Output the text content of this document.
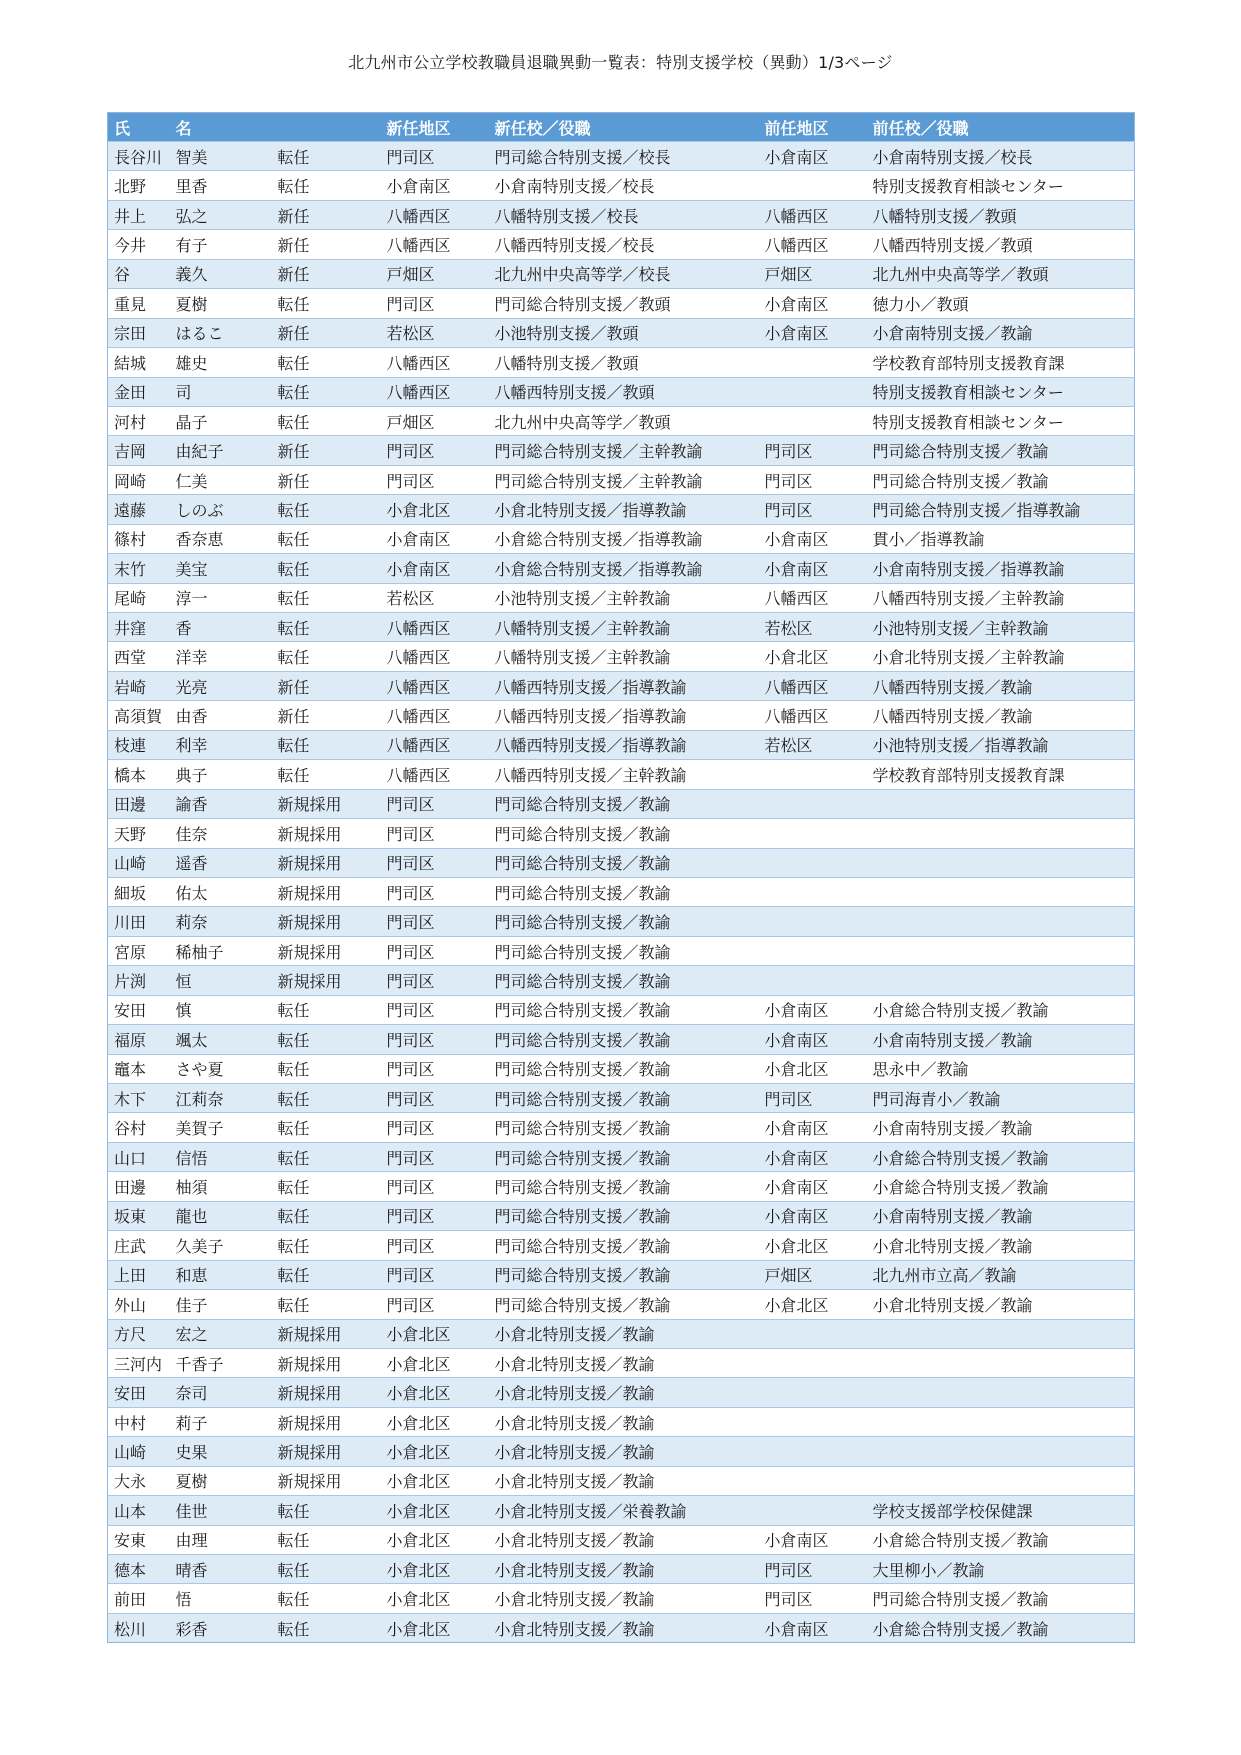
北九州市公立学校教職員退職異動一覧表：特別支援学校（異動）1/3ページ
氏	名		新任地区	新任校／役職	前任地区	前任校／役職
長谷川	智美	転任	門司区	門司総合特別支援／校長	小倉南区	小倉南特別支援／校長
北野	里香	転任	小倉南区	小倉南特別支援／校長		特別支援教育相談センター
井上	弘之	新任	八幡西区	八幡特別支援／校長	八幡西区	八幡特別支援／教頭
今井	有子	新任	八幡西区	八幡西特別支援／校長	八幡西区	八幡西特別支援／教頭
谷	義久	新任	戸畑区	北九州中央高等学／校長	戸畑区	北九州中央高等学／教頭
重見	夏樹	転任	門司区	門司総合特別支援／教頭	小倉南区	徳力小／教頭
宗田	はるこ	新任	若松区	小池特別支援／教頭	小倉南区	小倉南特別支援／教諭
結城	雄史	転任	八幡西区	八幡特別支援／教頭		学校教育部特別支援教育課
金田	司	転任	八幡西区	八幡西特別支援／教頭		特別支援教育相談センター
河村	晶子	転任	戸畑区	北九州中央高等学／教頭		特別支援教育相談センター
吉岡	由紀子	新任	門司区	門司総合特別支援／主幹教諭	門司区	門司総合特別支援／教諭
岡崎	仁美	新任	門司区	門司総合特別支援／主幹教諭	門司区	門司総合特別支援／教諭
遠藤	しのぶ	転任	小倉北区	小倉北特別支援／指導教諭	門司区	門司総合特別支援／指導教諭
篠村	香奈恵	転任	小倉南区	小倉総合特別支援／指導教諭	小倉南区	貫小／指導教諭
末竹	美宝	転任	小倉南区	小倉総合特別支援／指導教諭	小倉南区	小倉南特別支援／指導教諭
尾崎	淳一	転任	若松区	小池特別支援／主幹教諭	八幡西区	八幡西特別支援／主幹教諭
井窪	香	転任	八幡西区	八幡特別支援／主幹教諭	若松区	小池特別支援／主幹教諭
西堂	洋幸	転任	八幡西区	八幡特別支援／主幹教諭	小倉北区	小倉北特別支援／主幹教諭
岩崎	光亮	新任	八幡西区	八幡西特別支援／指導教諭	八幡西区	八幡西特別支援／教諭
高須賀	由香	新任	八幡西区	八幡西特別支援／指導教諭	八幡西区	八幡西特別支援／教諭
枝連	利幸	転任	八幡西区	八幡西特別支援／指導教諭	若松区	小池特別支援／指導教諭
橋本	典子	転任	八幡西区	八幡西特別支援／主幹教諭		学校教育部特別支援教育課
田邊	諭香	新規採用	門司区	門司総合特別支援／教諭		
天野	佳奈	新規採用	門司区	門司総合特別支援／教諭		
山崎	遥香	新規採用	門司区	門司総合特別支援／教諭		
細坂	佑太	新規採用	門司区	門司総合特別支援／教諭		
川田	莉奈	新規採用	門司区	門司総合特別支援／教諭		
宮原	稀柚子	新規採用	門司区	門司総合特別支援／教諭		
片渕	恒	新規採用	門司区	門司総合特別支援／教諭		
安田	慎	転任	門司区	門司総合特別支援／教諭	小倉南区	小倉総合特別支援／教諭
福原	颯太	転任	門司区	門司総合特別支援／教諭	小倉南区	小倉南特別支援／教諭
竈本	さや夏	転任	門司区	門司総合特別支援／教諭	小倉北区	思永中／教諭
木下	江莉奈	転任	門司区	門司総合特別支援／教諭	門司区	門司海青小／教諭
谷村	美賀子	転任	門司区	門司総合特別支援／教諭	小倉南区	小倉南特別支援／教諭
山口	信悟	転任	門司区	門司総合特別支援／教諭	小倉南区	小倉総合特別支援／教諭
田邊	柚須	転任	門司区	門司総合特別支援／教諭	小倉南区	小倉総合特別支援／教諭
坂東	龍也	転任	門司区	門司総合特別支援／教諭	小倉南区	小倉南特別支援／教諭
庄武	久美子	転任	門司区	門司総合特別支援／教諭	小倉北区	小倉北特別支援／教諭
上田	和恵	転任	門司区	門司総合特別支援／教諭	戸畑区	北九州市立高／教諭
外山	佳子	転任	門司区	門司総合特別支援／教諭	小倉北区	小倉北特別支援／教諭
方尺	宏之	新規採用	小倉北区	小倉北特別支援／教諭		
三河内	千香子	新規採用	小倉北区	小倉北特別支援／教諭		
安田	奈司	新規採用	小倉北区	小倉北特別支援／教諭		
中村	莉子	新規採用	小倉北区	小倉北特別支援／教諭		
山崎	史果	新規採用	小倉北区	小倉北特別支援／教諭		
大永	夏樹	新規採用	小倉北区	小倉北特別支援／教諭		
山本	佳世	転任	小倉北区	小倉北特別支援／栄養教諭		学校支援部学校保健課
安東	由理	転任	小倉北区	小倉北特別支援／教諭	小倉南区	小倉総合特別支援／教諭
德本	晴香	転任	小倉北区	小倉北特別支援／教諭	門司区	大里柳小／教諭
前田	悟	転任	小倉北区	小倉北特別支援／教諭	門司区	門司総合特別支援／教諭
松川	彩香	転任	小倉北区	小倉北特別支援／教諭	小倉南区	小倉総合特別支援／教諭
